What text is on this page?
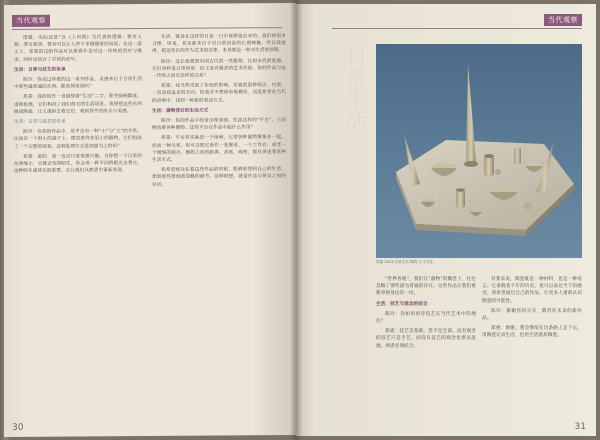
当代观察

逻辑，实际还是“以《上河图》为代表的逻辑：要有人物、要有故事，要有可以让人停下来慢慢看的场景。在这一意义上，郑重的这组作品可以被看作是对这一传统的回应与继承，同时也包含了对其的改写。

生活：日常与技艺的传承

陈玲：你说过你做的这一系列作品，灵感来自于日常生活中那些最普通的东西。能具体谈谈吗？

郑重：我的创作一直围绕着“生活”二字。那些锅碗瓢盆、桌椅板凳，它们构成了我们每天的生活场景。我想把这些东西做成陶瓷，让人重新去看它们，看到其中的形式与美感。

生活：日常与技艺的传承

陈玲：在你的作品中，似乎总有一种“小”与“大”的关系。比如在一个很小的盘子上，摆放着许多更小的器物，它们组成了一个完整的场景。这种处理方式是刻意为之的吗？

郑重：是的。我一直对尺度很感兴趣。当你把一个日常的东西缩小，它就会变得陌生，你会用一种不同的眼光去看它。这种陌生感其实很重要，它让我们从熟悉中重新发现。

生活，就是在这样的日复一日中被塑造出来的。我们的很多习惯、审美，其实都来自于对日常用品的长期接触。所以我觉得，把这些东西作为艺术的对象，本身就是一种对生活的致敬。

陈玲：这让我想到中国古代的一些器物，比如宋代的瓷器，它们同样是日常所用，但又具有极高的艺术价值。你的作品与这一传统之间有怎样的关系？

郑重：我当然受到了传统的影响。宋瓷的那种简洁、内敛，一直是我追求的方向。但我并不想简单地模仿，而是希望在当代的语境中，找到一种新的表达方式。

生活：器物背后的生活方式

陈玲：你的作品中经常出现桌面、托盘这样的“平台”，上面摆放着各种器物。这些平台在作品中起什么作用？

郑重：平台其实就是一个场域，它把各种器物聚集在一起，形成一种关系。你可以把它看作一张餐桌、一个工作台，或者一个微缩的城市。器物之间的距离、高低、疏密，都在讲述着某种生活方式。

我希望观众在看这些作品的时候，能够联想到自己的生活，想到那些曾经被忽略的细节。这种联想，就是作品与观众之间的对话。

30
当代观察
日常生活
郑重 2013 日常生活 陶瓷 尺寸可变

“世界各地”，我们在“器物”的概念上，往往忽略了那些最为普通的存在。这些作品让我们重新审视身边的一切。

生活：技艺与观念的结合

陈玲：你如何看待技艺在当代艺术中的地位？

郑重：技艺是基础，但不是全部。没有观念的技艺只是手艺，而没有技艺的观念也难以落地。两者必须结合。

对我来说，陶瓷既是一种材料，也是一种语言。它承载着千年的历史，也可以表达当下的感受。我希望通过自己的作品，让更多人重新认识陶瓷的可能性。

陈玲：谢谢你的分享，期待你未来的新作品。

郑重：谢谢。我会继续在这条路上走下去，用陶瓷记录生活，也用生活滋养陶瓷。

31
